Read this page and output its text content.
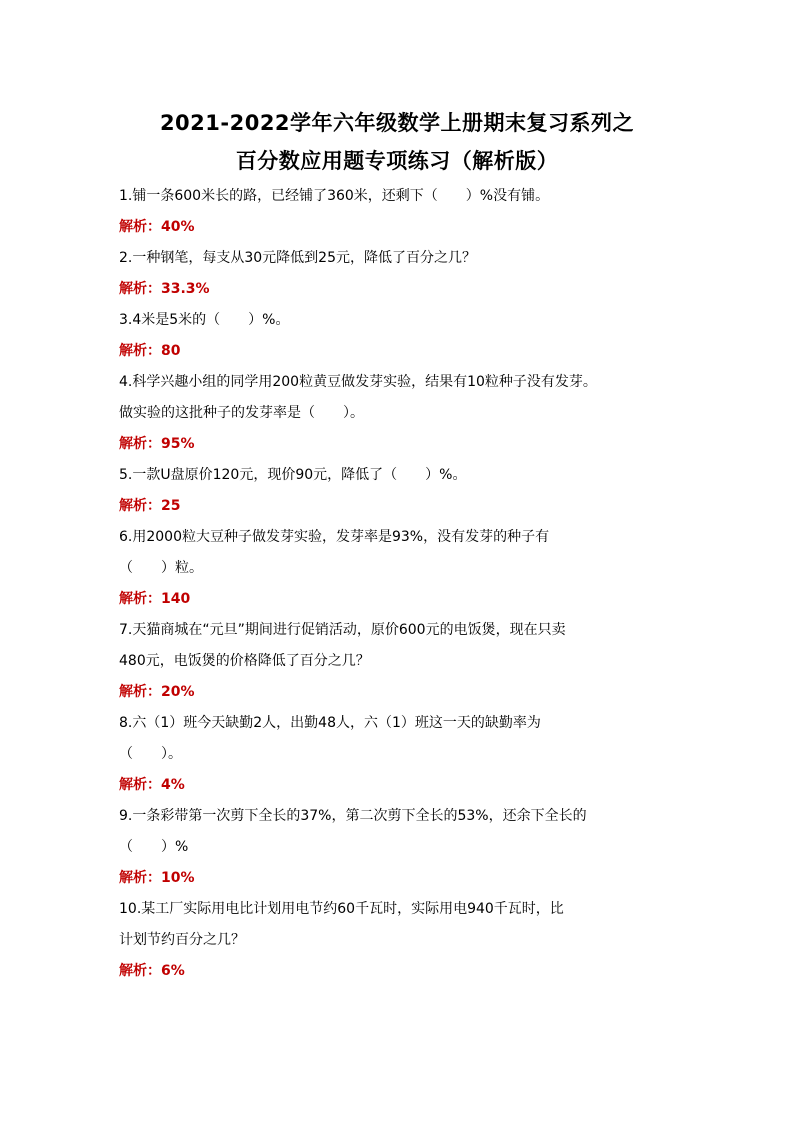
2021-2022学年六年级数学上册期末复习系列之
百分数应用题专项练习（解析版）
1.铺一条600米长的路，已经铺了360米，还剩下（　　）%没有铺。
解析：40%
2.一种钢笔，每支从30元降低到25元，降低了百分之几？
解析：33.3%
3.4米是5米的（　　）%。
解析：80
4.科学兴趣小组的同学用200粒黄豆做发芽实验，结果有10粒种子没有发芽。
做实验的这批种子的发芽率是（　　）。
解析：95%
5.一款U盘原价120元，现价90元，降低了（　　）%。
解析：25
6.用2000粒大豆种子做发芽实验，发芽率是93%，没有发芽的种子有
（　　）粒。
解析：140
7.天猫商城在“元旦”期间进行促销活动，原价600元的电饭煲，现在只卖
480元，电饭煲的价格降低了百分之几？
解析：20%
8.六（1）班今天缺勤2人，出勤48人，六（1）班这一天的缺勤率为
（　　）。
解析：4%
9.一条彩带第一次剪下全长的37%，第二次剪下全长的53%，还余下全长的
（　　）%
解析：10%
10.某工厂实际用电比计划用电节约60千瓦时，实际用电940千瓦时，比
计划节约百分之几？
解析：6%
